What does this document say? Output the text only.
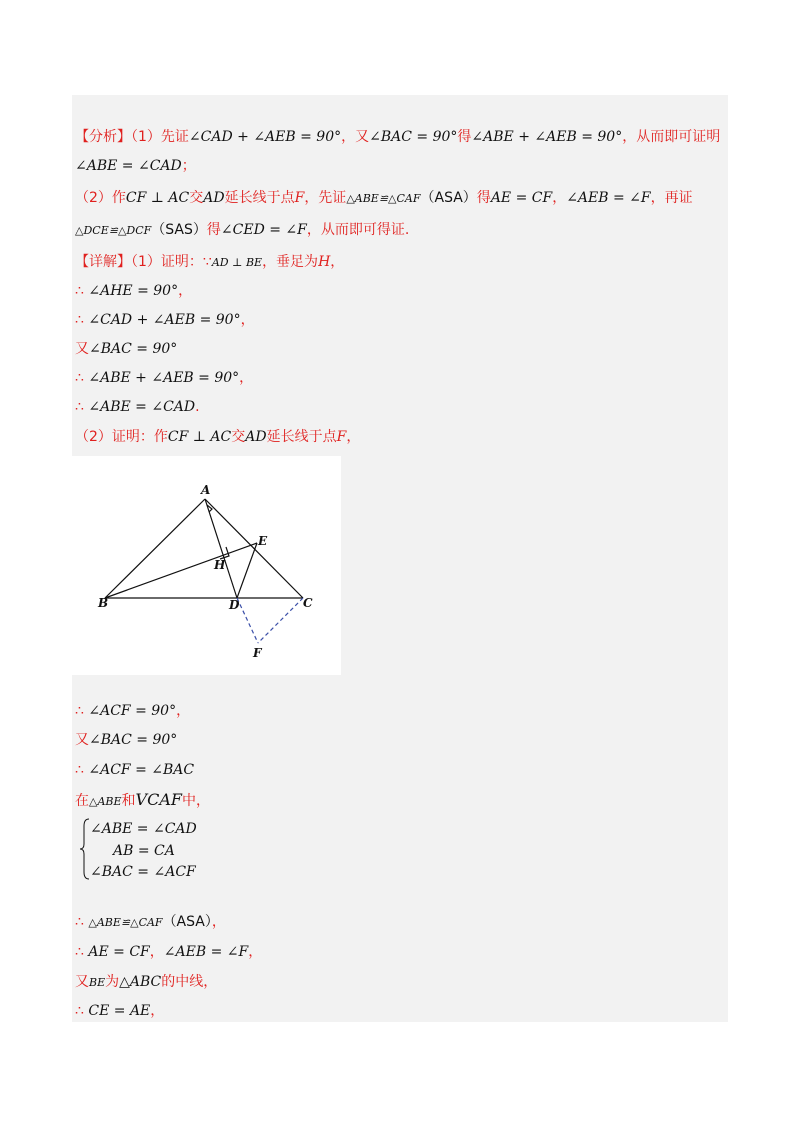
【分析】（1）先证∠CAD + ∠AEB = 90°，又∠BAC = 90°得∠ABE + ∠AEB = 90°，从而即可证明
∠ABE = ∠CAD；
（2）作CF ⊥ AC交AD延长线于点F，先证△ABE≌△CAF（ASA）得AE = CF，∠AEB = ∠F，再证
△DCE≌△DCF（SAS）得∠CED = ∠F，从而即可得证.
【详解】（1）证明：∵AD ⊥ BE，垂足为H，
∴ ∠AHE = 90°，
∴ ∠CAD + ∠AEB = 90°，
又∠BAC = 90°
∴ ∠ABE + ∠AEB = 90°，
∴ ∠ABE = ∠CAD.
（2）证明：作CF ⊥ AC交AD延长线于点F，
A
B	C
D
E
H
F
∴ ∠ACF = 90°，
又∠BAC = 90°
∴ ∠ACF = ∠BAC
在△ABE和VCAF中，
∠ABE = ∠CAD
AB = CA
∠BAC = ∠ACF
∴ △ABE≌△CAF（ASA），
∴ AE = CF，∠AEB = ∠F，
又BE为△ABC的中线，
∴ CE = AE，
